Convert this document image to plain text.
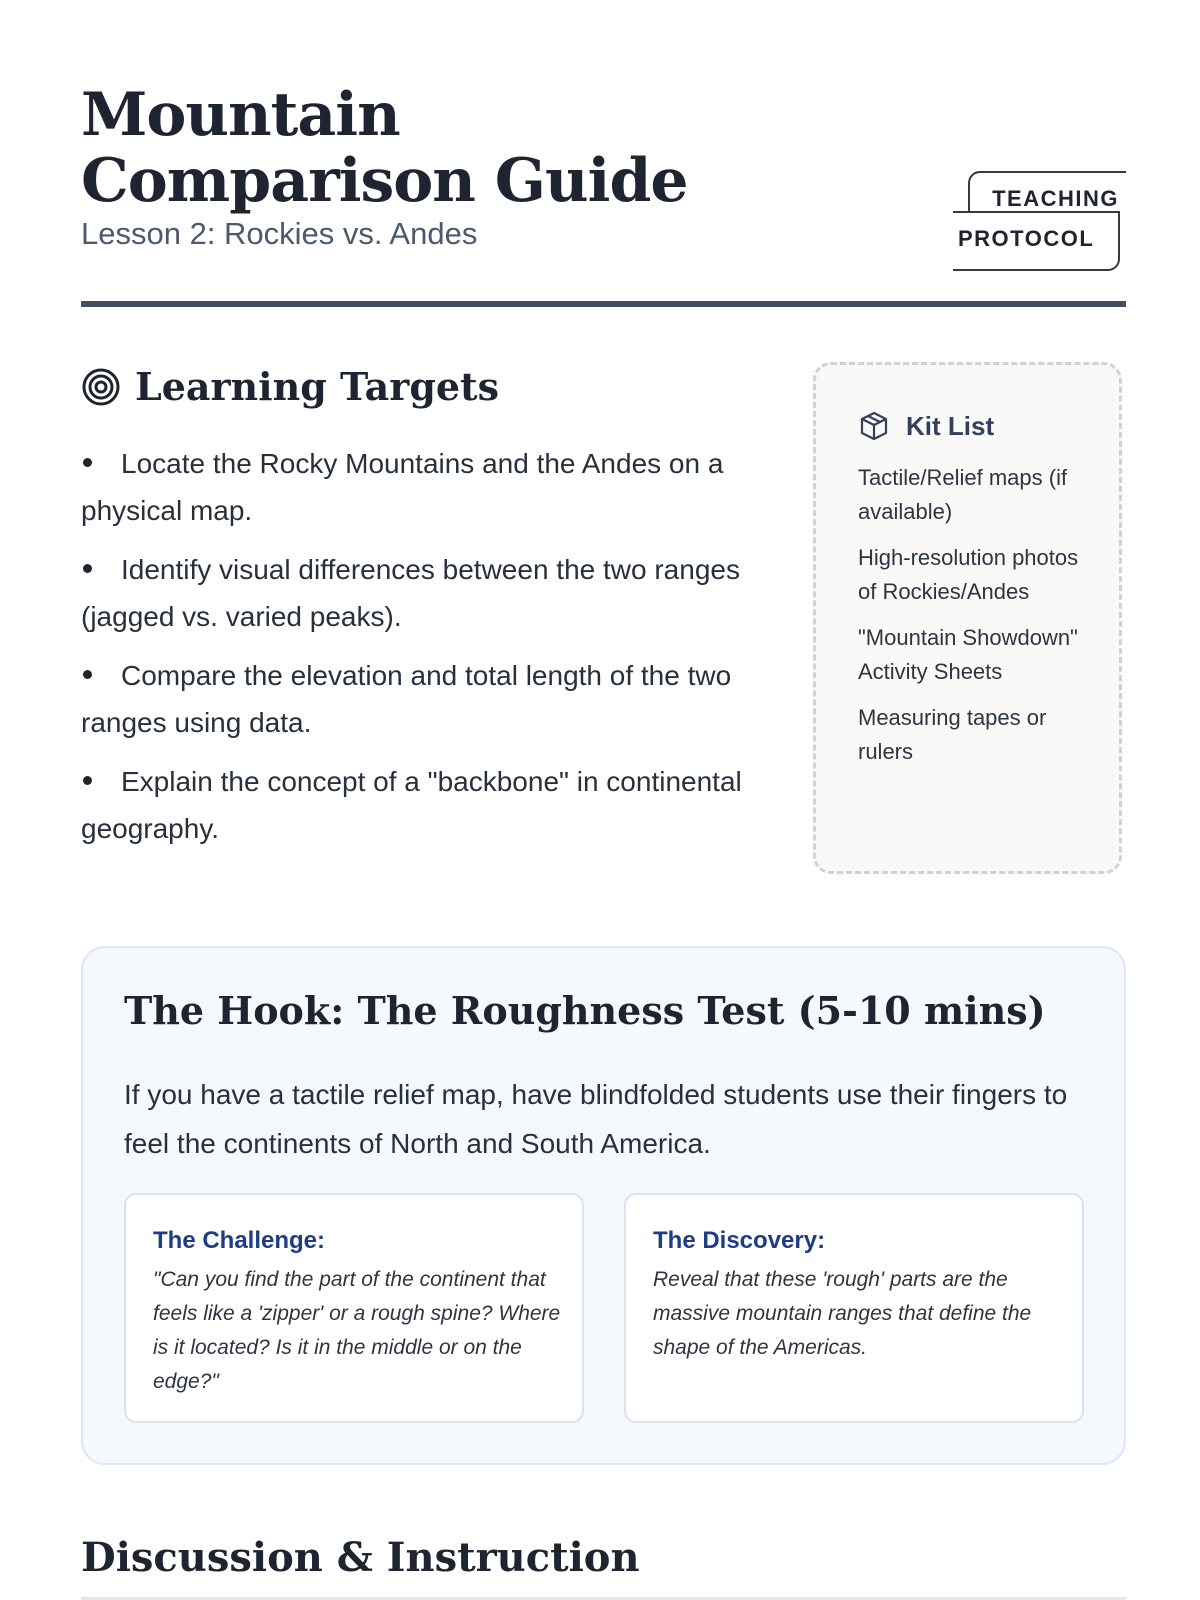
Mountain Comparison Guide

Lesson 2: Rockies vs. Andes

TEACHING

PROTOCOL

Learning Targets
Locate the Rocky Mountains and the Andes on a physical map.
Identify visual differences between the two ranges (jagged vs. varied peaks).
Compare the elevation and total length of the two ranges using data.
Explain the concept of a "backbone" in continental geography.
Kit List
Tactile/Relief maps (if available)
High-resolution photos of Rockies/Andes
"Mountain Showdown" Activity Sheets
Measuring tapes or rulers
The Hook: The Roughness Test (5-10 mins)

If you have a tactile relief map, have blindfolded students use their fingers to feel the continents of North and South America.

The Challenge:

"Can you find the part of the continent that feels like a 'zipper' or a rough spine? Where is it located? Is it in the middle or on the edge?"

The Discovery:

Reveal that these 'rough' parts are the massive mountain ranges that define the shape of the Americas.

Discussion & Instruction
